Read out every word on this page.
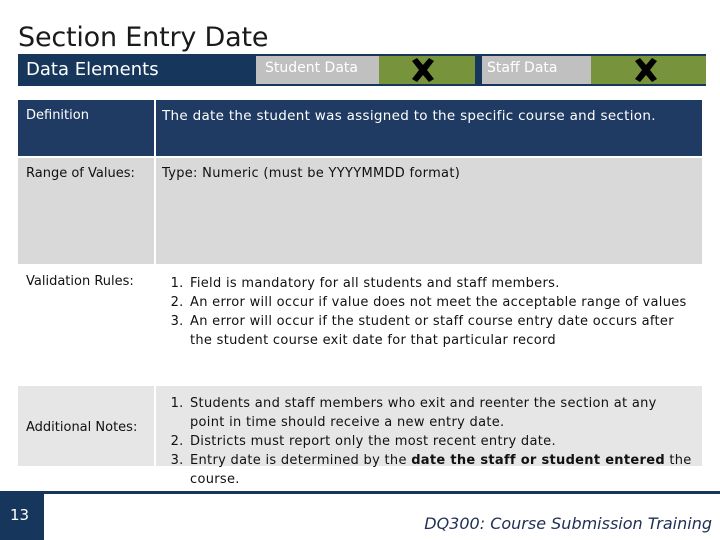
Section Entry Date
Data Elements	Student Data	Staff Data
Definition	The date the student was assigned to the specific course and section.
Range of Values:	Type: Numeric (must be YYYYMMDD format)
Validation Rules:
1.	Field is mandatory for all students and staff members.
2. An error will occur if value does not meet the acceptable range of values
3. An error will occur if the student or staff course entry date occurs after the student course exit date for that particular record
Additional Notes:
1. Students and staff members who exit and reenter the section at any point in time should receive a new entry date.
2. Districts must report only the most recent entry date.
3. Entry date is determined by the date the staff or student entered the course.
13	DQ300: Course Submission Training
